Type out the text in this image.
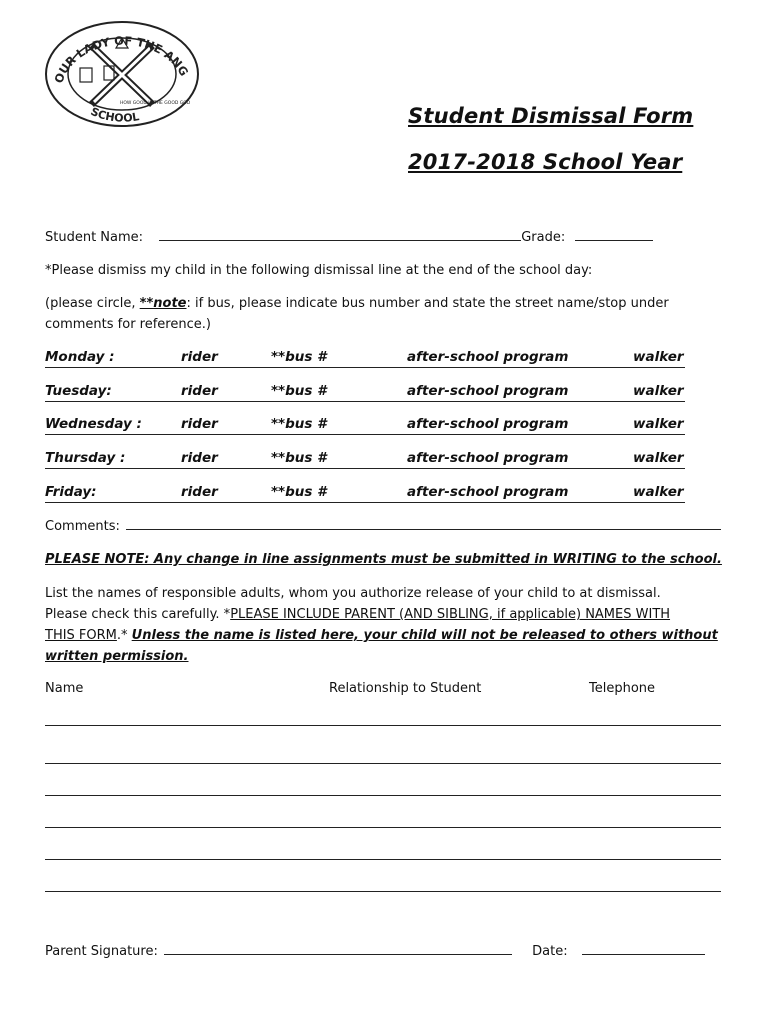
OUR LADY OF THE ANG
SCHOOL
HOW GOOD IS THE GOOD GOD
Student Dismissal Form
2017-2018 School Year
Student Name:	Grade:
*Please dismiss my child in the following dismissal line at the end of the school day:
(please circle, **note: if bus, please indicate bus number and state the street name/stop under
comments for reference.)
Monday :	rider	**bus #	after-school program	walker
Tuesday:	rider	**bus #	after-school program	walker
Wednesday :	rider	**bus #	after-school program	walker
Thursday :	rider	**bus #	after-school program	walker
Friday:	rider	**bus #	after-school program	walker
Comments:
PLEASE NOTE: Any change in line assignments must be submitted in WRITING to the school.
List the names of responsible adults, whom you authorize release of your child to at dismissal.
Please check this carefully. *PLEASE INCLUDE PARENT (AND SIBLING, if applicable) NAMES WITH
THIS FORM.* Unless the name is listed here, your child will not be released to others without
written permission.
Name	Relationship to Student	Telephone
Parent Signature:	Date:
